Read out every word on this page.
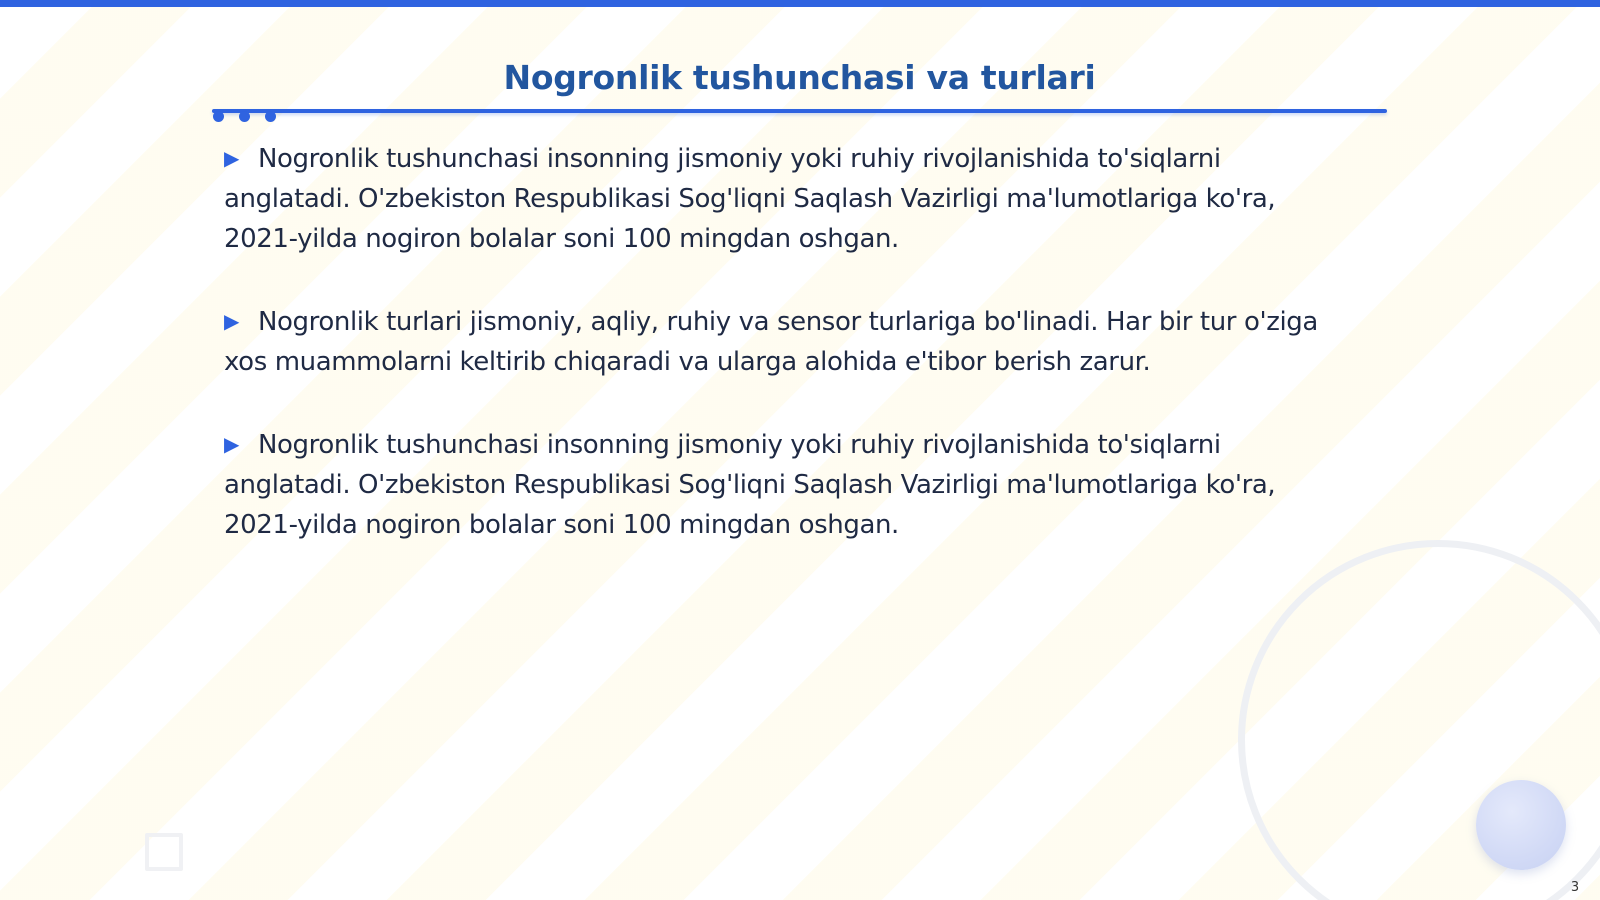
Nogronlik tushunchasi va turlari

▶ Nogronlik tushunchasi insonning jismoniy yoki ruhiy rivojlanishida to'siqlarni anglatadi. O'zbekiston Respublikasi Sog'liqni Saqlash Vazirligi ma'lumotlariga ko'ra, 2021-yilda nogiron bolalar soni 100 mingdan oshgan.

▶ Nogronlik turlari jismoniy, aqliy, ruhiy va sensor turlariga bo'linadi. Har bir tur o'ziga xos muammolarni keltirib chiqaradi va ularga alohida e'tibor berish zarur.

▶ Nogronlik tushunchasi insonning jismoniy yoki ruhiy rivojlanishida to'siqlarni anglatadi. O'zbekiston Respublikasi Sog'liqni Saqlash Vazirligi ma'lumotlariga ko'ra, 2021-yilda nogiron bolalar soni 100 mingdan oshgan.

3
